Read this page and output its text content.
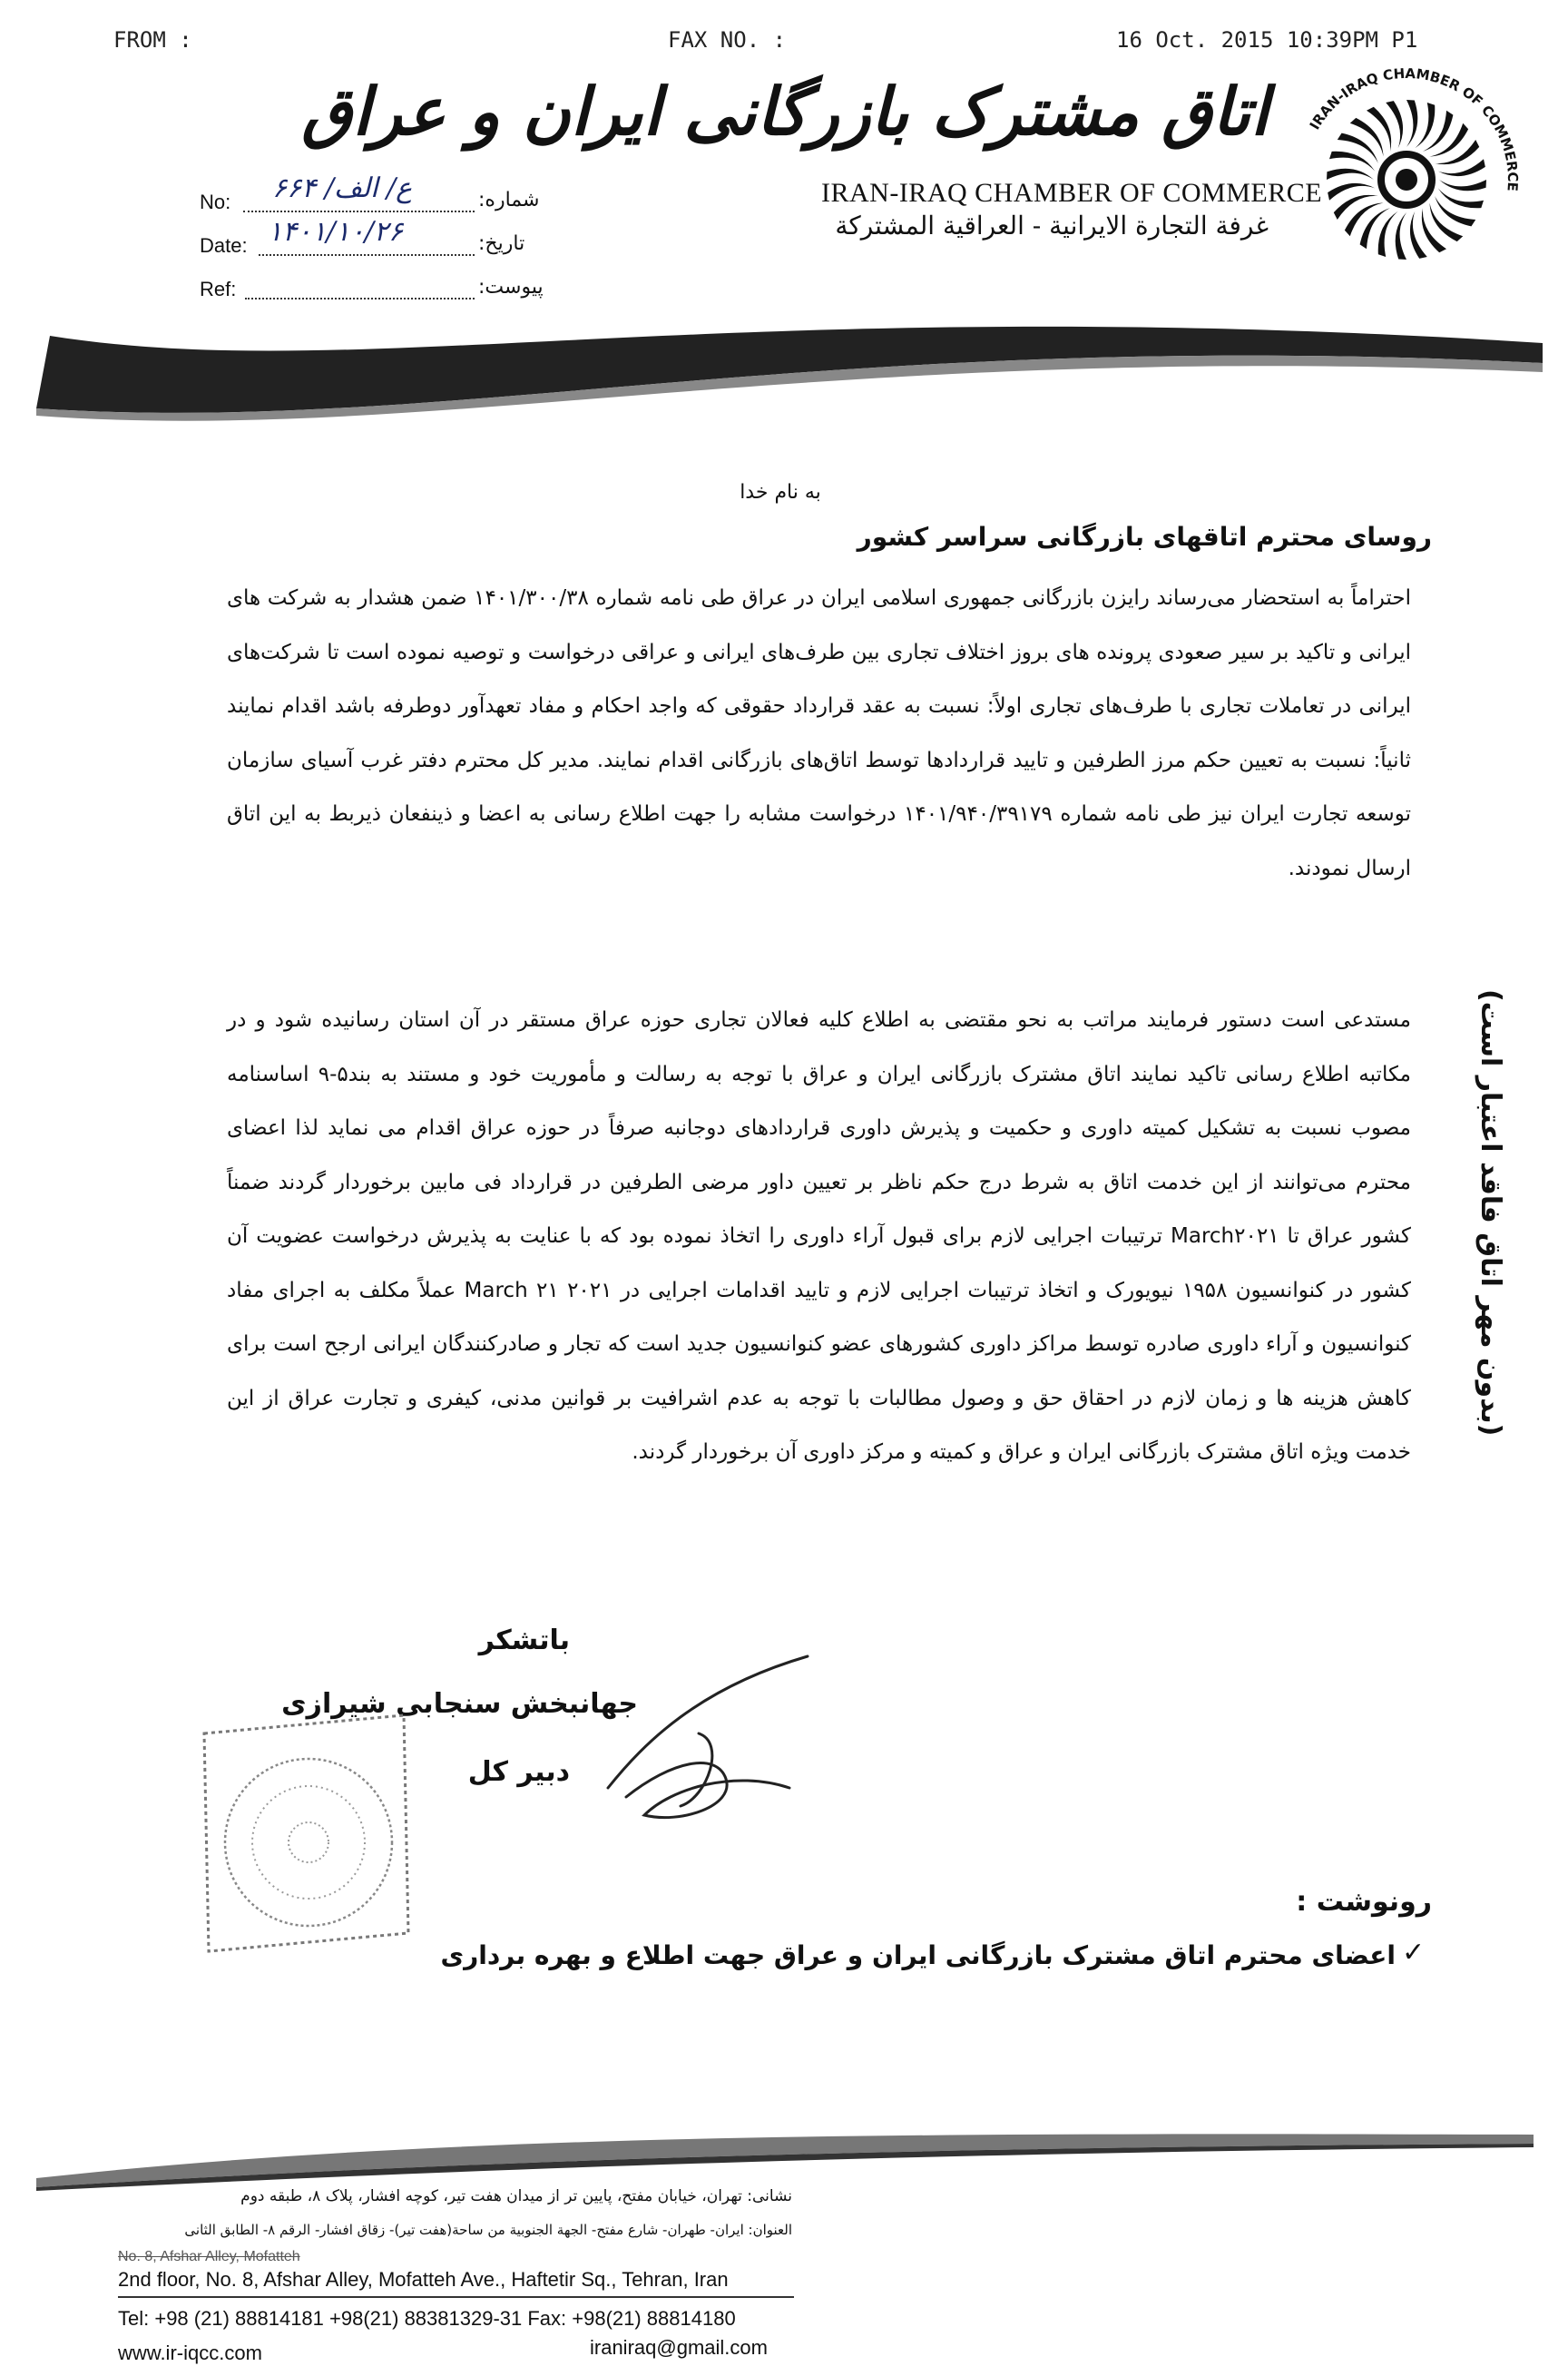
FROM :	FAX NO. :	16 Oct. 2015 10:39PM P1
اتاق مشترک بازرگانی ایران و عراق
IRAN-IRAQ CHAMBER OF COMMERCE
غرفة التجارة الایرانیة - العراقیة المشترکة
IRAN-IRAQ CHAMBER OF COMMERCE
No: ع/ الف/ ۶۶۴	شماره:
Date: ۱۴۰۱/۱۰/۲۶	تاریخ:
Ref:	پیوست:
به نام خدا
روسای محترم اتاقهای بازرگانی سراسر کشور
احتراماً به استحضار می‌رساند رایزن بازرگانی جمهوری اسلامی ایران در عراق طی نامه شماره ۱۴۰۱/۳۰۰/۳۸ ضمن هشدار به شرکت های ایرانی و تاکید بر سیر صعودی پرونده های بروز اختلاف تجاری بین طرف‌های ایرانی و عراقی درخواست و توصیه نموده است تا شرکت‌های ایرانی در تعاملات تجاری با طرف‌های تجاری اولاً: نسبت به عقد قرارداد حقوقی که واجد احکام و مفاد تعهدآور دوطرفه باشد اقدام نمایند ثانیاً: نسبت به تعیین حکم مرز الطرفین و تایید قراردادها توسط اتاق‌های بازرگانی اقدام نمایند. مدیر کل محترم دفتر غرب آسیای سازمان توسعه تجارت ایران نیز طی نامه شماره ۱۴۰۱/۹۴۰/۳۹۱۷۹ درخواست مشابه را جهت اطلاع رسانی به اعضا و ذینفعان ذیربط به این اتاق ارسال نمودند.
مستدعی است دستور فرمایند مراتب به نحو مقتضی به اطلاع کلیه فعالان تجاری حوزه عراق مستقر در آن استان رسانیده شود و در مکاتبه اطلاع رسانی تاکید نمایند اتاق مشترک بازرگانی ایران و عراق با توجه به رسالت و مأموریت خود و مستند به بند۵-۹ اساسنامه مصوب نسبت به تشکیل کمیته داوری و حکمیت و پذیرش داوری قراردادهای دوجانبه صرفاً در حوزه عراق اقدام می نماید لذا اعضای محترم می‌توانند از این خدمت اتاق به شرط درج حکم ناظر بر تعیین داور مرضی الطرفین در قرارداد فی مابین برخوردار گردند ضمناً کشور عراق تا March۲۰۲۱ ترتیبات اجرایی لازم برای قبول آراء داوری را اتخاذ نموده بود که با عنایت به پذیرش درخواست عضویت آن کشور در کنوانسیون ۱۹۵۸ نیویورک و اتخاذ ترتیبات اجرایی لازم و تایید اقدامات اجرایی در ۲۰۲۱ March ۲۱ عملاً مکلف به اجرای مفاد کنوانسیون و آراء داوری صادره توسط مراکز داوری کشورهای عضو کنوانسیون جدید است که تجار و صادرکنندگان ایرانی ارجح است برای کاهش هزینه ها و زمان لازم در احقاق حق و وصول مطالبات با توجه به عدم اشرافیت بر قوانین مدنی، کیفری و تجارت عراق از این خدمت ویژه اتاق مشترک بازرگانی ایران و عراق و کمیته و مرکز داوری آن برخوردار گردند.
باتشکر
جهانبخش سنجابی شیرازی
دبیر کل
رونوشت :
اعضای محترم اتاق مشترک بازرگانی ایران و عراق جهت اطلاع و بهره برداری ✓
(بدون مهر اتاق فاقد اعتبار است)
نشانی: تهران، خیابان مفتح، پایین تر از میدان هفت تیر، کوچه افشار، پلاک ۸، طبقه دوم
العنوان: ایران- طهران- شارع مفتح- الجهة الجنوبیة من ساحة(هفت تیر)- زقاق افشار- الرقم ۸- الطابق الثانی
No. 8, Afshar Alley, Mofatteh
2nd floor, No. 8, Afshar Alley, Mofatteh Ave., Haftetir Sq., Tehran, Iran
Tel: +98 (21) 88814181 +98(21) 88381329-31 Fax: +98(21) 88814180
www.ir-iqcc.com	iraniraq@gmail.com
